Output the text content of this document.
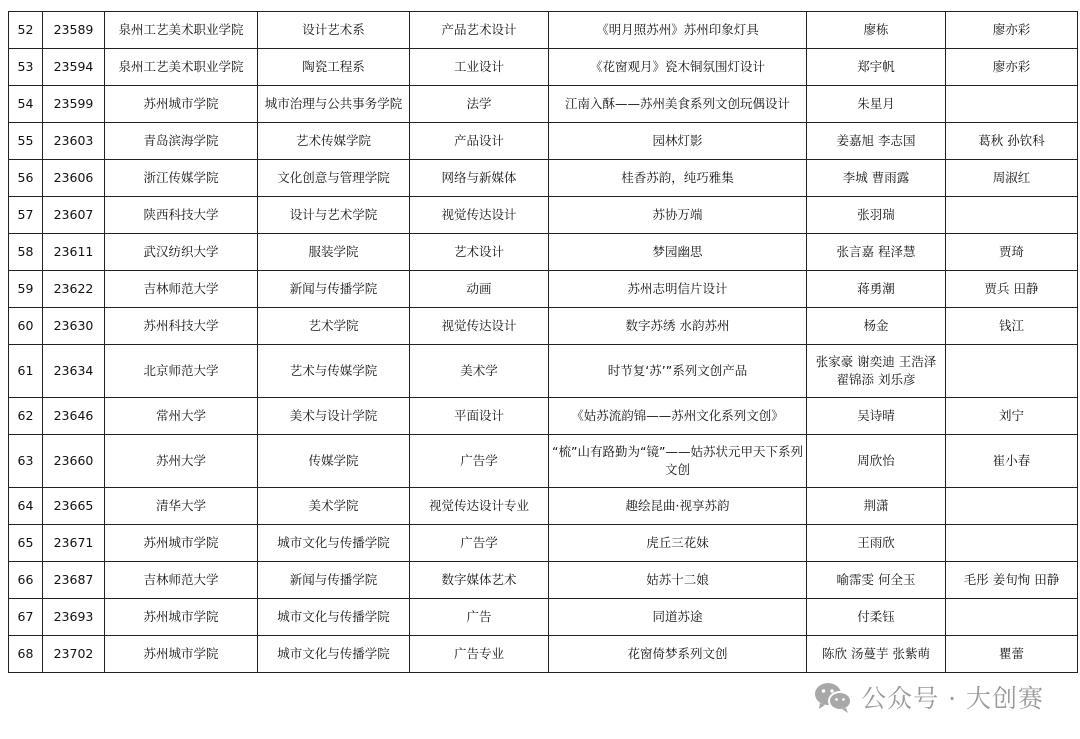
52	23589	泉州工艺美术职业学院	设计艺术系	产品艺术设计	《明月照苏州》苏州印象灯具	廖栋	廖亦彩
53	23594	泉州工艺美术职业学院	陶瓷工程系	工业设计	《花窗观月》瓷木铜氛围灯设计	郑宇帆	廖亦彩
54	23599	苏州城市学院	城市治理与公共事务学院	法学	江南入酥——苏州美食系列文创玩偶设计	朱星月	
55	23603	青岛滨海学院	艺术传媒学院	产品设计	园林灯影	姜嘉旭 李志国	葛秋 孙钦科
56	23606	浙江传媒学院	文化创意与管理学院	网络与新媒体	桂香苏韵，纯巧雅集	李城 曹雨露	周淑红
57	23607	陕西科技大学	设计与艺术学院	视觉传达设计	苏协万端	张羽瑞	
58	23611	武汉纺织大学	服装学院	艺术设计	梦园幽思	张言嘉 程泽慧	贾琦
59	23622	吉林师范大学	新闻与传播学院	动画	苏州志明信片设计	蒋勇潮	贾兵 田静
60	23630	苏州科技大学	艺术学院	视觉传达设计	数字苏绣 水韵苏州	杨金	钱江
61	23634	北京师范大学	艺术与传媒学院	美术学	时节复‘苏’”系列文创产品	张家豪 谢奕迪 王浩泽 翟锦添 刘乐彦	
62	23646	常州大学	美术与设计学院	平面设计	《姑苏流韵锦——苏州文化系列文创》	吴诗晴	刘宁
63	23660	苏州大学	传媒学院	广告学	“梳”山有路勤为“镜”——姑苏状元甲天下系列文创	周欣怡	崔小春
64	23665	清华大学	美术学院	视觉传达设计专业	趣绘昆曲·视享苏韵	荆潇	
65	23671	苏州城市学院	城市文化与传播学院	广告学	虎丘三花妹	王雨欣	
66	23687	吉林师范大学	新闻与传播学院	数字媒体艺术	姑苏十二娘	喻霈雯 何全玉	毛彤 姜旬恂 田静
67	23693	苏州城市学院	城市文化与传播学院	广告	同道苏途	付柔钰	
68	23702	苏州城市学院	城市文化与传播学院	广告专业	花窗倚梦系列文创	陈欣 汤蔓芋 张紫萌	瞿蕾
公众号 · 大创赛
